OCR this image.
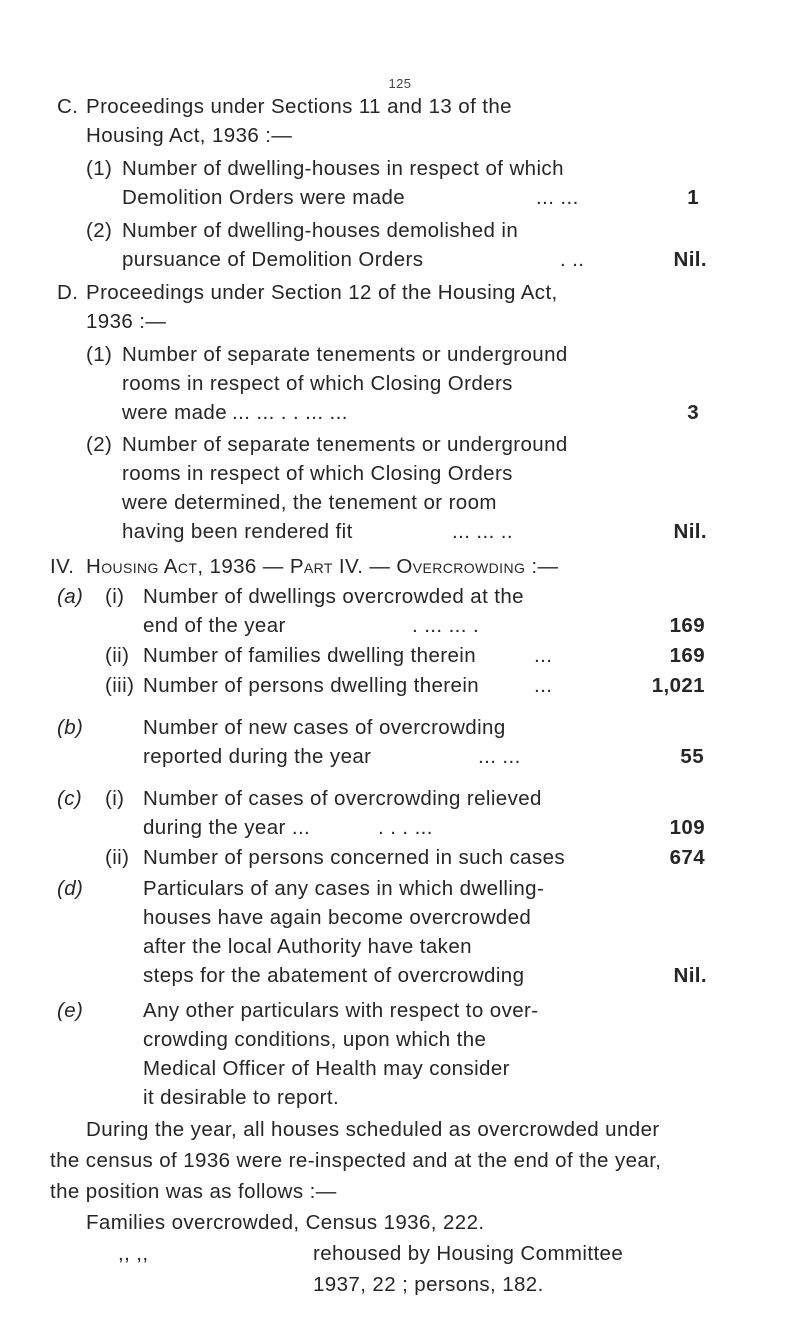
125
C. Proceedings under Sections 11 and 13 of the
Housing Act, 1936 :—
(1) Number of dwelling-houses in respect of which
Demolition Orders were made	... ...	1
(2) Number of dwelling-houses demolished in
pursuance of Demolition Orders	. ..	Nil.
D. Proceedings under Section 12 of the Housing Act,
1936 :—
(1) Number of separate tenements or underground
rooms in respect of which Closing Orders
were made ... ... . . ... ...	3
(2) Number of separate tenements or underground
rooms in respect of which Closing Orders
were determined, the tenement or room
having been rendered fit	... ... ..	Nil.
IV. Housing Act, 1936 — Part IV. — Overcrowding :—
(a) (i) Number of dwellings overcrowded at the
end of the year	. ... ... .	169
(ii) Number of families dwelling therein	...	169
(iii) Number of persons dwelling therein	...	1,021
(b)	Number of new cases of overcrowding
reported during the year	... ...	55
(c) (i) Number of cases of overcrowding relieved
during the year ...	. . . ...	109
(ii) Number of persons concerned in such cases	674
(d)	Particulars of any cases in which dwelling-
houses have again become overcrowded
after the local Authority have taken
steps for the abatement of overcrowding	Nil.
(e)	Any other particulars with respect to over-
crowding conditions, upon which the
Medical Officer of Health may consider
it desirable to report.
During the year, all houses scheduled as overcrowded under
the census of 1936 were re-inspected and at the end of the year,
the position was as follows :—
Families overcrowded, Census 1936, 222.
,, ,,	rehoused by Housing Committee
1937, 22 ; persons, 182.
